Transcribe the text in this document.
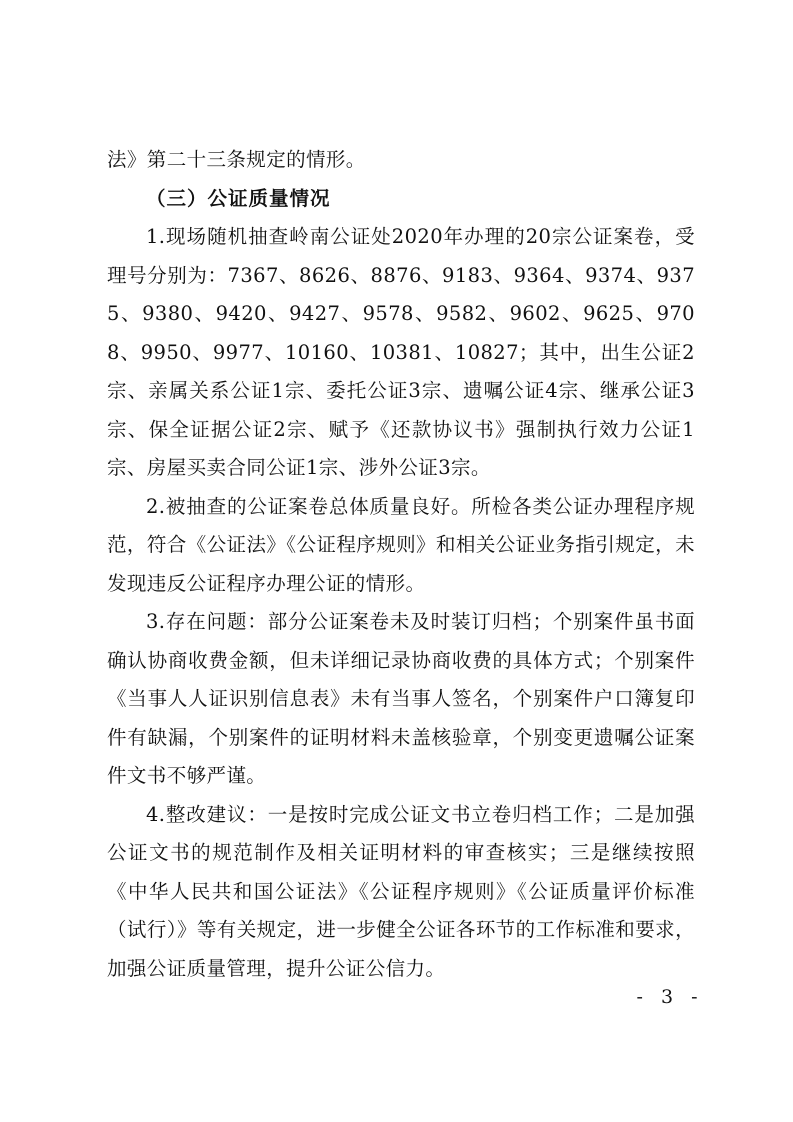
法》第二十三条规定的情形。

（三）公证质量情况

1.现场随机抽查岭南公证处2020年办理的20宗公证案卷，受理号分别为：7367、8626、8876、9183、9364、9374、9375、9380、9420、9427、9578、9582、9602、9625、9708、9950、9977、10160、10381、10827；其中，出生公证2宗、亲属关系公证1宗、委托公证3宗、遗嘱公证4宗、继承公证3宗、保全证据公证2宗、赋予《还款协议书》强制执行效力公证1宗、房屋买卖合同公证1宗、涉外公证3宗。

2.被抽查的公证案卷总体质量良好。所检各类公证办理程序规范，符合《公证法》《公证程序规则》和相关公证业务指引规定，未发现违反公证程序办理公证的情形。

3.存在问题：部分公证案卷未及时装订归档；个别案件虽书面确认协商收费金额，但未详细记录协商收费的具体方式；个别案件《当事人人证识别信息表》未有当事人签名，个别案件户口簿复印件有缺漏，个别案件的证明材料未盖核验章，个别变更遗嘱公证案件文书不够严谨。

4.整改建议：一是按时完成公证文书立卷归档工作；二是加强公证文书的规范制作及相关证明材料的审查核实；三是继续按照《中华人民共和国公证法》《公证程序规则》《公证质量评价标准（试行）》等有关规定，进一步健全公证各环节的工作标准和要求，加强公证质量管理，提升公证公信力。

- 3 -
